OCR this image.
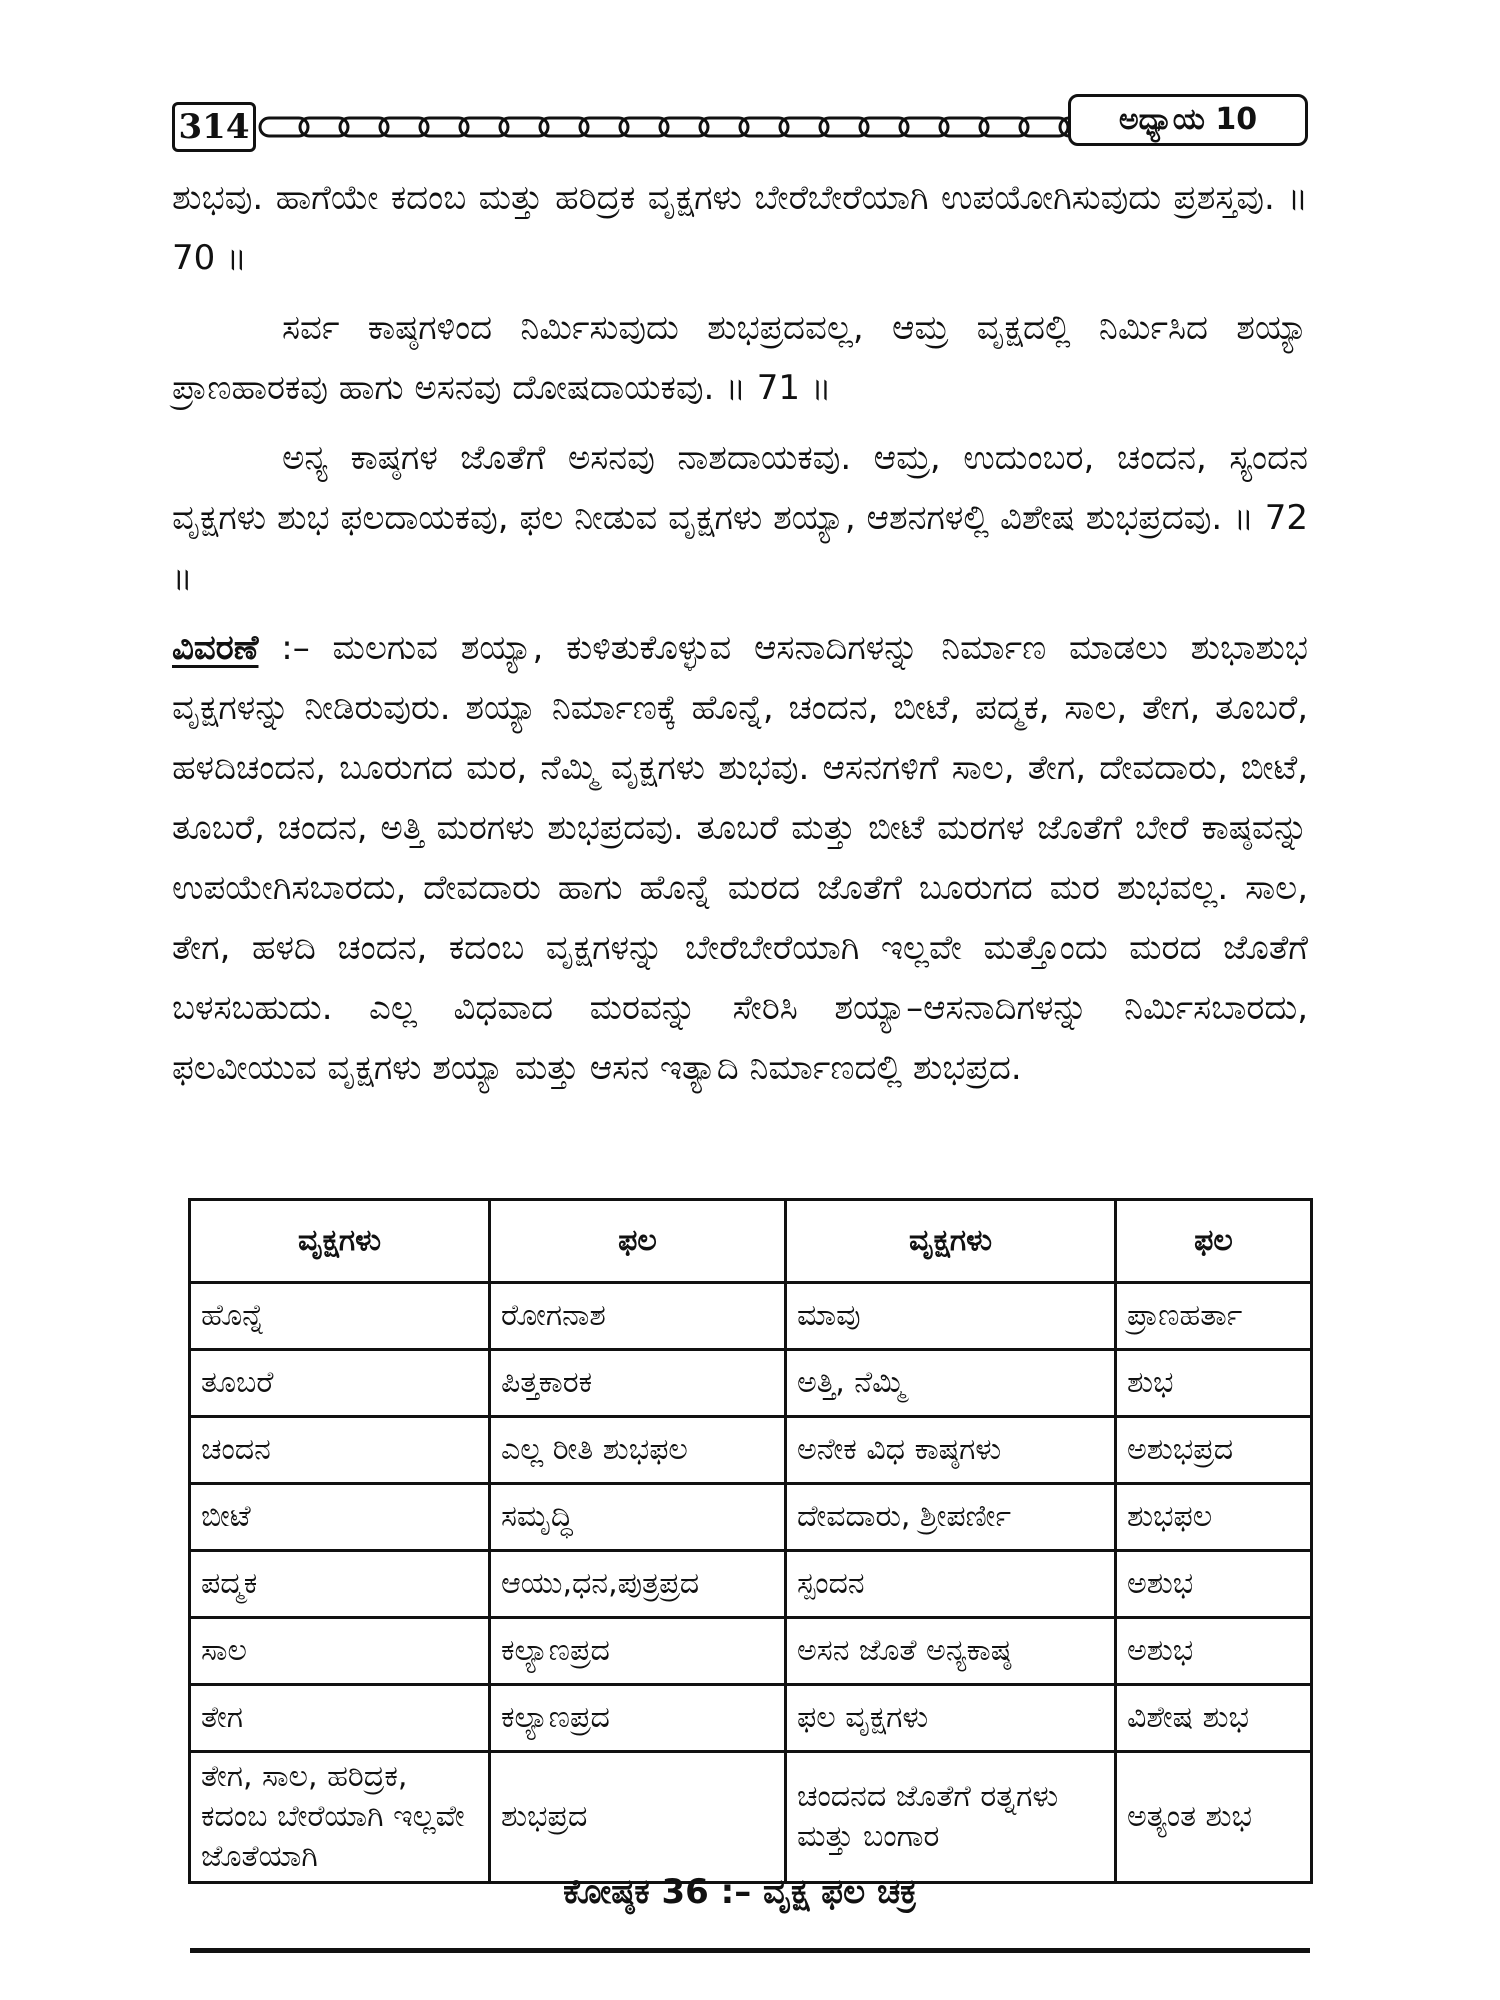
314	ಅಧ್ಯಾಯ 10

ಶುಭವು. ಹಾಗೆಯೇ ಕದಂಬ ಮತ್ತು ಹರಿದ್ರಕ ವೃಕ್ಷಗಳು ಬೇರೆಬೇರೆಯಾಗಿ ಉಪಯೋಗಿಸುವುದು ಪ್ರಶಸ್ತವು. ॥ 70 ॥

ಸರ್ವ ಕಾಷ್ಠಗಳಿಂದ ನಿರ್ಮಿಸುವುದು ಶುಭಪ್ರದವಲ್ಲ, ಆಮ್ರ ವೃಕ್ಷದಲ್ಲಿ ನಿರ್ಮಿಸಿದ ಶಯ್ಯಾ ಪ್ರಾಣಹಾರಕವು ಹಾಗು ಅಸನವು ದೋಷದಾಯಕವು. ॥ 71 ॥

ಅನ್ಯ ಕಾಷ್ಠಗಳ ಜೊತೆಗೆ ಅಸನವು ನಾಶದಾಯಕವು. ಆಮ್ರ, ಉದುಂಬರ, ಚಂದನ, ಸ್ಯಂದನ ವೃಕ್ಷಗಳು ಶುಭ ಫಲದಾಯಕವು, ಫಲ ನೀಡುವ ವೃಕ್ಷಗಳು ಶಯ್ಯಾ, ಆಶನಗಳಲ್ಲಿ ವಿಶೇಷ ಶುಭಪ್ರದವು. ॥ 72 ॥

ವಿವರಣೆ :– ಮಲಗುವ ಶಯ್ಯಾ, ಕುಳಿತುಕೊಳ್ಳುವ ಆಸನಾದಿಗಳನ್ನು ನಿರ್ಮಾಣ ಮಾಡಲು ಶುಭಾಶುಭ ವೃಕ್ಷಗಳನ್ನು ನೀಡಿರುವುರು. ಶಯ್ಯಾ ನಿರ್ಮಾಣಕ್ಕೆ ಹೊನ್ನೆ, ಚಂದನ, ಬೀಟೆ, ಪದ್ಮಕ, ಸಾಲ, ತೇಗ, ತೂಬರೆ, ಹಳದಿಚಂದನ, ಬೂರುಗದ ಮರ, ನೆಮ್ಮಿ ವೃಕ್ಷಗಳು ಶುಭವು. ಆಸನಗಳಿಗೆ ಸಾಲ, ತೇಗ, ದೇವದಾರು, ಬೀಟೆ, ತೂಬರೆ, ಚಂದನ, ಅತ್ತಿ ಮರಗಳು ಶುಭಪ್ರದವು. ತೂಬರೆ ಮತ್ತು ಬೀಟೆ ಮರಗಳ ಜೊತೆಗೆ ಬೇರೆ ಕಾಷ್ಠವನ್ನು ಉಪಯೇಗಿಸಬಾರದು, ದೇವದಾರು ಹಾಗು ಹೊನ್ನೆ ಮರದ ಜೊತೆಗೆ ಬೂರುಗದ ಮರ ಶುಭವಲ್ಲ. ಸಾಲ, ತೇಗ, ಹಳದಿ ಚಂದನ, ಕದಂಬ ವೃಕ್ಷಗಳನ್ನು ಬೇರೆಬೇರೆಯಾಗಿ ಇಲ್ಲವೇ ಮತ್ತೊಂದು ಮರದ ಜೊತೆಗೆ ಬಳಸಬಹುದು. ಎಲ್ಲ ವಿಧವಾದ ಮರವನ್ನು ಸೇರಿಸಿ ಶಯ್ಯಾ–ಆಸನಾದಿಗಳನ್ನು ನಿರ್ಮಿಸಬಾರದು, ಫಲವೀಯುವ ವೃಕ್ಷಗಳು ಶಯ್ಯಾ ಮತ್ತು ಆಸನ ಇತ್ಯಾದಿ ನಿರ್ಮಾಣದಲ್ಲಿ ಶುಭಪ್ರದ.

ವೃಕ್ಷಗಳು	ಫಲ	ವೃಕ್ಷಗಳು	ಫಲ
ಹೊನ್ನೆ	ರೋಗನಾಶ	ಮಾವು	ಪ್ರಾಣಹರ್ತಾ
ತೂಬರೆ	ಪಿತ್ತಕಾರಕ	ಅತ್ತಿ, ನೆಮ್ಮಿ	ಶುಭ
ಚಂದನ	ಎಲ್ಲ ರೀತಿ ಶುಭಫಲ	ಅನೇಕ ವಿಧ ಕಾಷ್ಠಗಳು	ಅಶುಭಪ್ರದ
ಬೀಟೆ	ಸಮೃದ್ಧಿ	ದೇವದಾರು, ಶ್ರೀಪರ್ಣೀ	ಶುಭಫಲ
ಪದ್ಮಕ	ಆಯು,ಧನ,ಪುತ್ರಪ್ರದ	ಸ್ಪಂದನ	ಅಶುಭ
ಸಾಲ	ಕಲ್ಯಾಣಪ್ರದ	ಅಸನ ಜೊತೆ ಅನ್ಯಕಾಷ್ಠ	ಅಶುಭ
ತೇಗ	ಕಲ್ಯಾಣಪ್ರದ	ಫಲ ವೃಕ್ಷಗಳು	ವಿಶೇಷ ಶುಭ
ತೇಗ, ಸಾಲ, ಹರಿದ್ರಕ, ಕದಂಬ ಬೇರೆಯಾಗಿ ಇಲ್ಲವೇ ಜೊತೆಯಾಗಿ	ಶುಭಪ್ರದ	ಚಂದನದ ಜೊತೆಗೆ ರತ್ನಗಳು ಮತ್ತು ಬಂಗಾರ	ಅತ್ಯಂತ ಶುಭ
ಕೋಷ್ಠಕ 36 :– ವೃಕ್ಷ ಫಲ ಚಕ್ರ
